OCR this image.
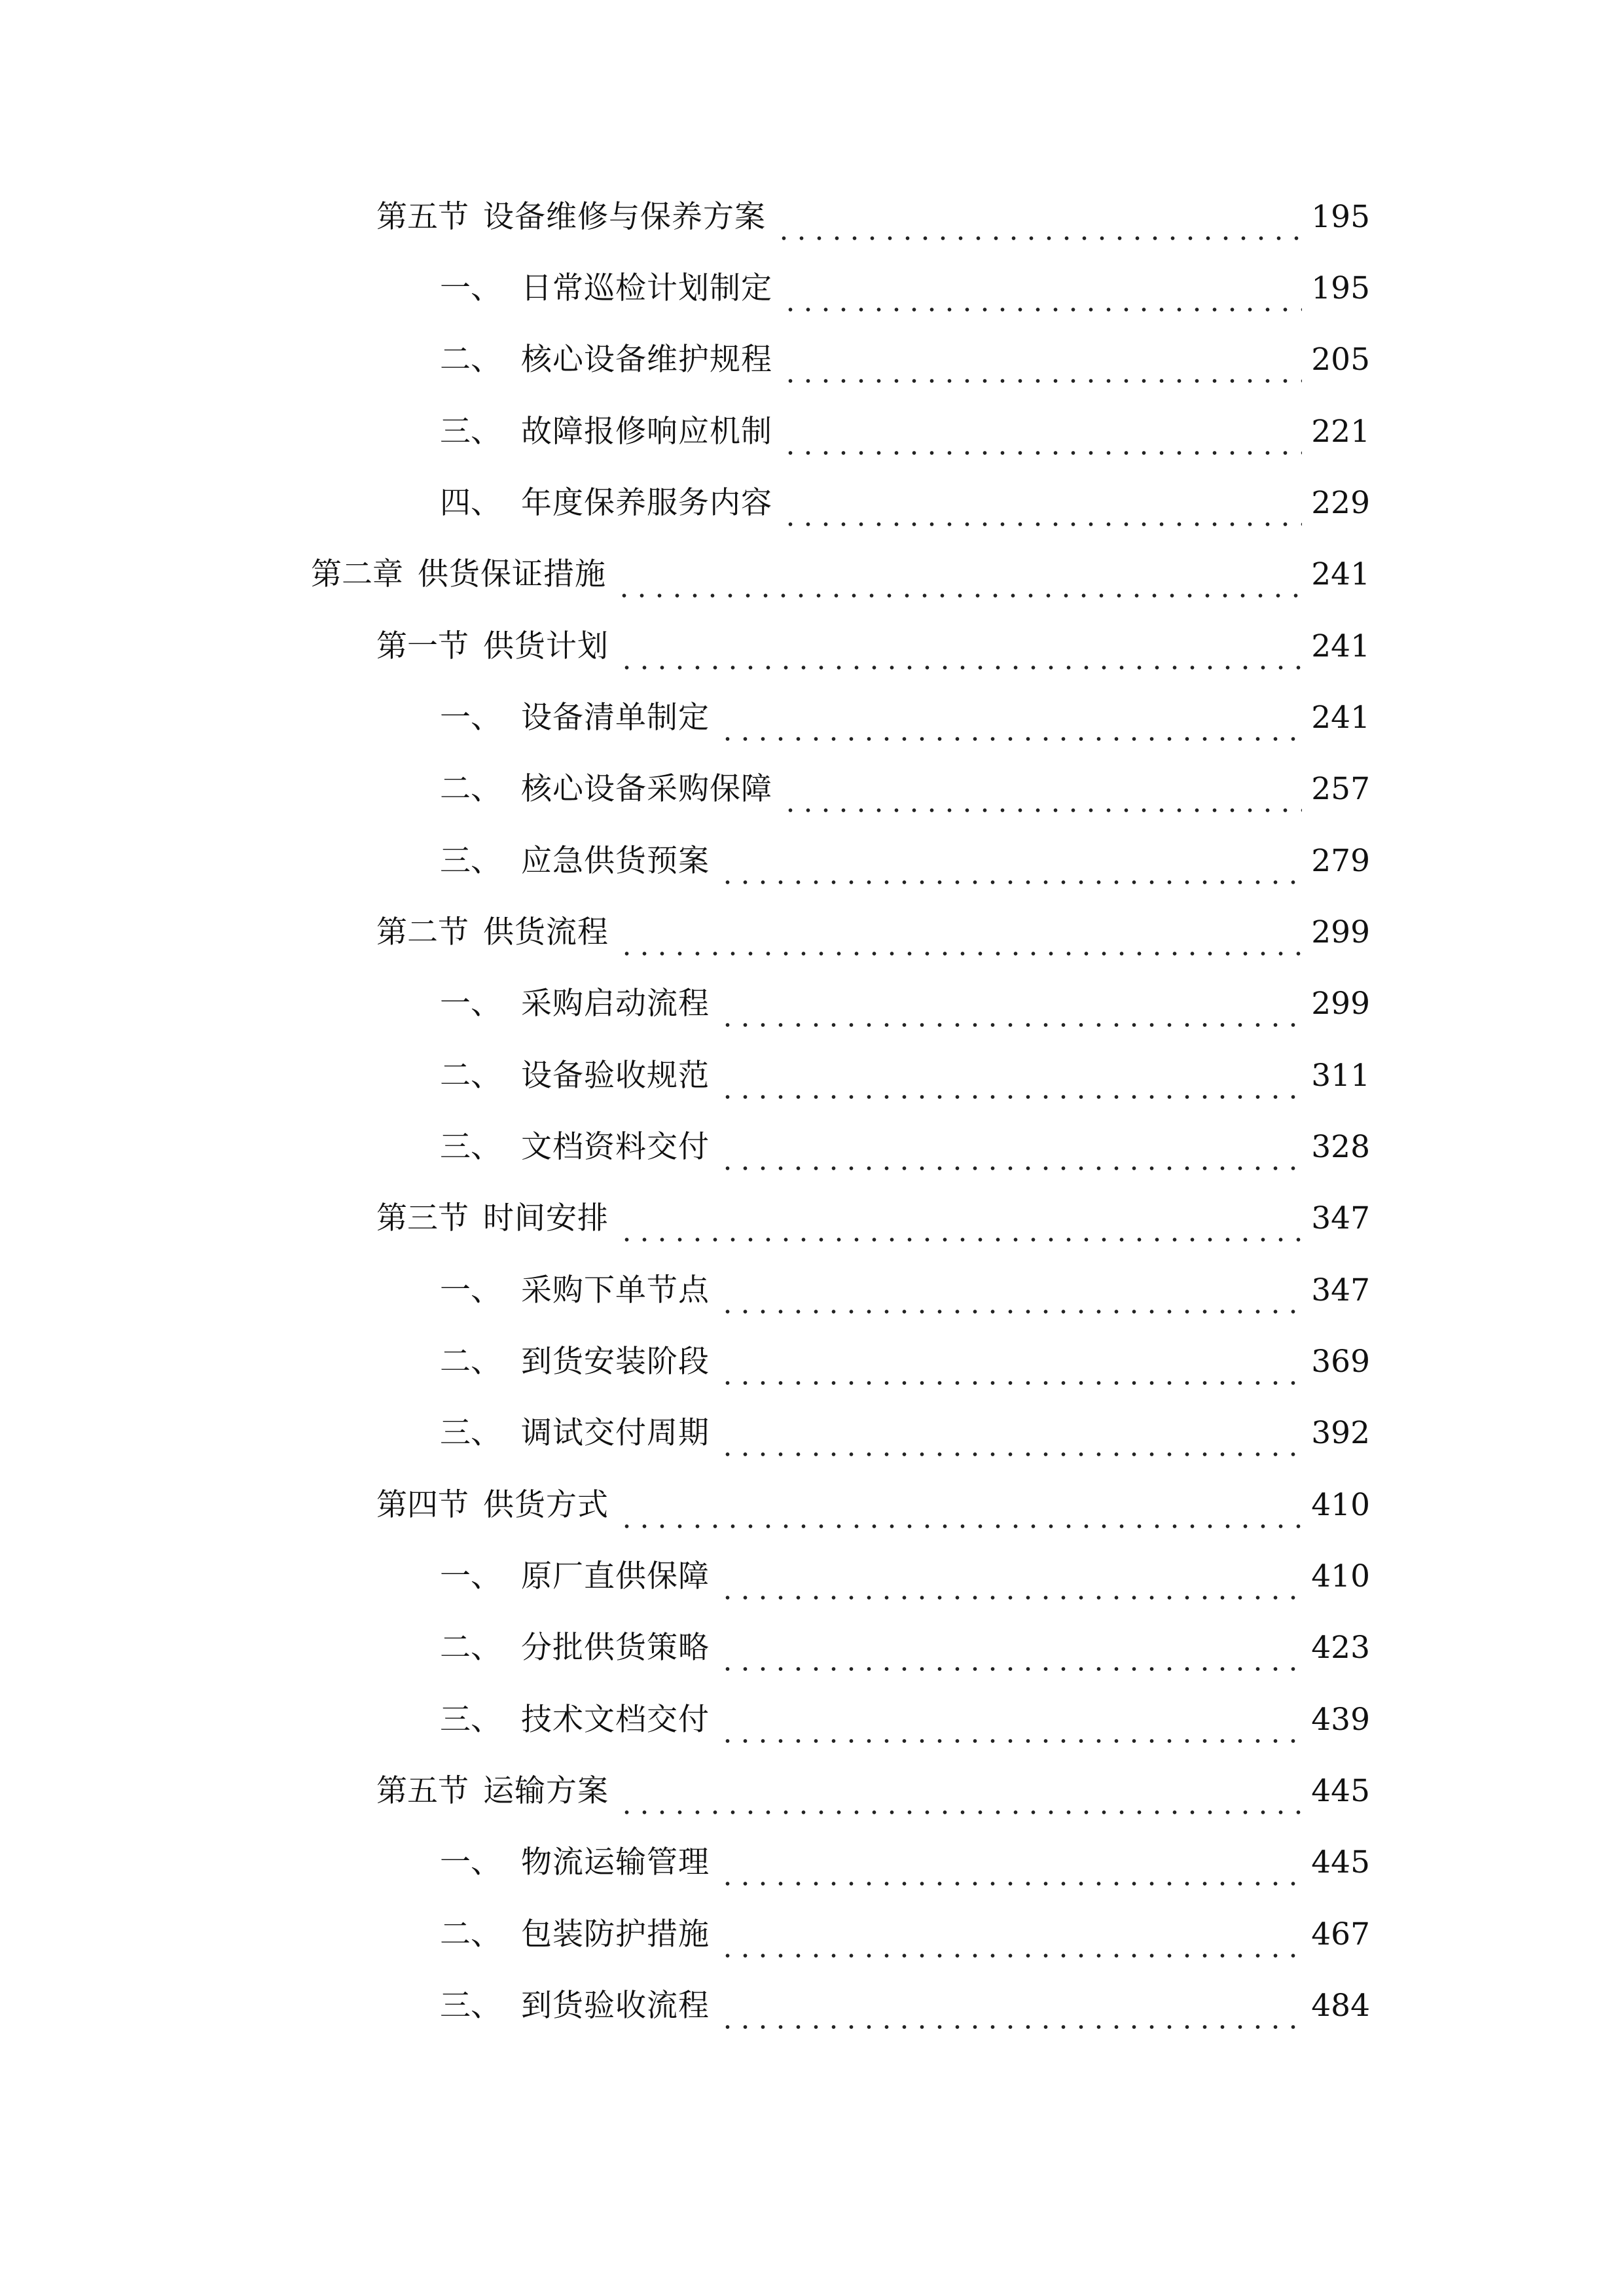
第五节 设备维修与保养方案	195
一、 日常巡检计划制定	195
二、 核心设备维护规程	205
三、 故障报修响应机制	221
四、 年度保养服务内容	229
第二章 供货保证措施	241
第一节 供货计划	241
一、 设备清单制定	241
二、 核心设备采购保障	257
三、 应急供货预案	279
第二节 供货流程	299
一、 采购启动流程	299
二、 设备验收规范	311
三、 文档资料交付	328
第三节 时间安排	347
一、 采购下单节点	347
二、 到货安装阶段	369
三、 调试交付周期	392
第四节 供货方式	410
一、 原厂直供保障	410
二、 分批供货策略	423
三、 技术文档交付	439
第五节 运输方案	445
一、 物流运输管理	445
二、 包装防护措施	467
三、 到货验收流程	484
